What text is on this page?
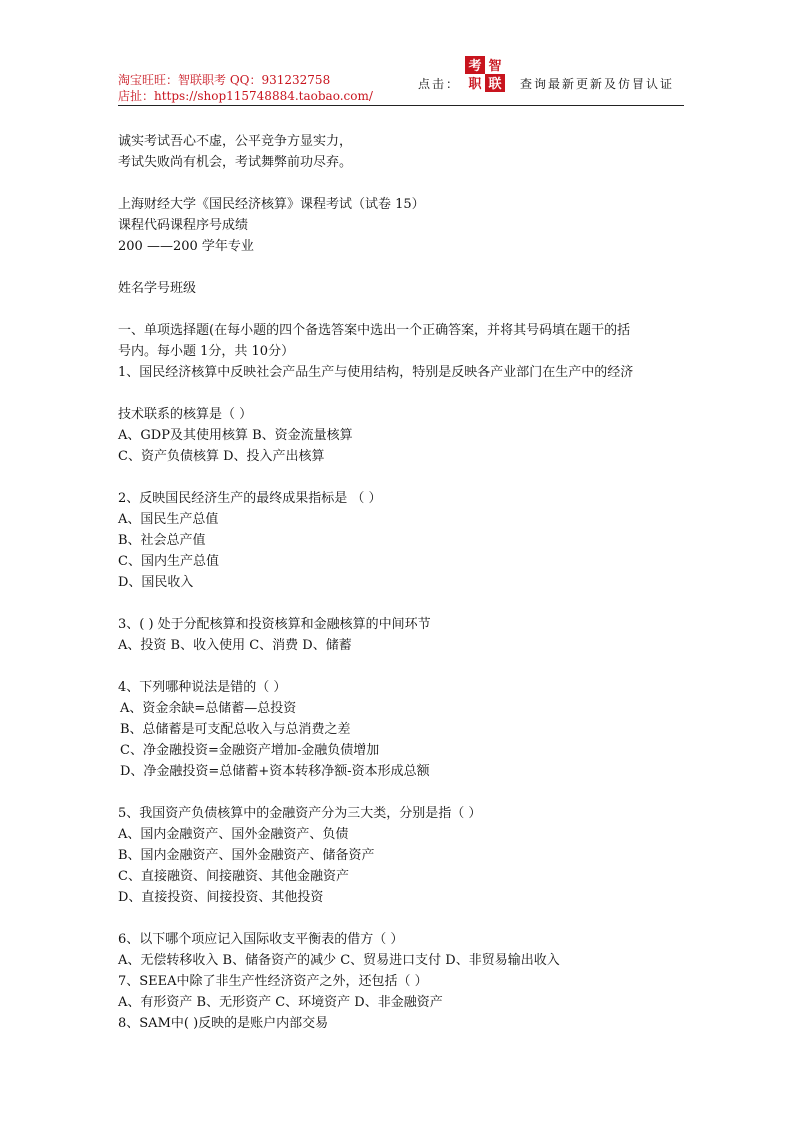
淘宝旺旺：智联职考 QQ：931232758
店扯：https://shop115748884.taobao.com/
点击：
考 智
职 联 查询最新更新及仿冒认证
诚实考试吾心不虚，公平竞争方显实力，
考试失败尚有机会，考试舞弊前功尽弃。
上海财经大学《国民经济核算》课程考试（试卷 15）
课程代码课程序号成绩
200 ——200 学年专业
姓名学号班级
一、单项选择题(在每小题的四个备选答案中选出一个正确答案，并将其号码填在题干的括
号内。每小题 1分，共 10分）
1、国民经济核算中反映社会产品生产与使用结构，特别是反映各产业部门在生产中的经济
技术联系的核算是（ ）
A、GDP及其使用核算 B、资金流量核算
C、资产负债核算 D、投入产出核算
2、反映国民经济生产的最终成果指标是 （ ）
A、国民生产总值
B、社会总产值
C、国内生产总值
D、国民收入
3、( ) 处于分配核算和投资核算和金融核算的中间环节
A、投资 B、收入使用 C、消费 D、储蓄
4、下列哪种说法是错的（ ）
A、资金余缺=总储蓄—总投资
B、总储蓄是可支配总收入与总消费之差
C、净金融投资=金融资产增加-金融负债增加
D、净金融投资=总储蓄+资本转移净额-资本形成总额
5、我国资产负债核算中的金融资产分为三大类，分别是指（ ）
A、国内金融资产、国外金融资产、负债
B、国内金融资产、国外金融资产、储备资产
C、直接融资、间接融资、其他金融资产
D、直接投资、间接投资、其他投资
6、以下哪个项应记入国际收支平衡表的借方（ ）
A、无偿转移收入 B、储备资产的减少 C、贸易进口支付 D、非贸易输出收入
7、SEEA中除了非生产性经济资产之外，还包括（ ）
A、有形资产 B、无形资产 C、环境资产 D、非金融资产
8、SAM中( )反映的是账户内部交易
